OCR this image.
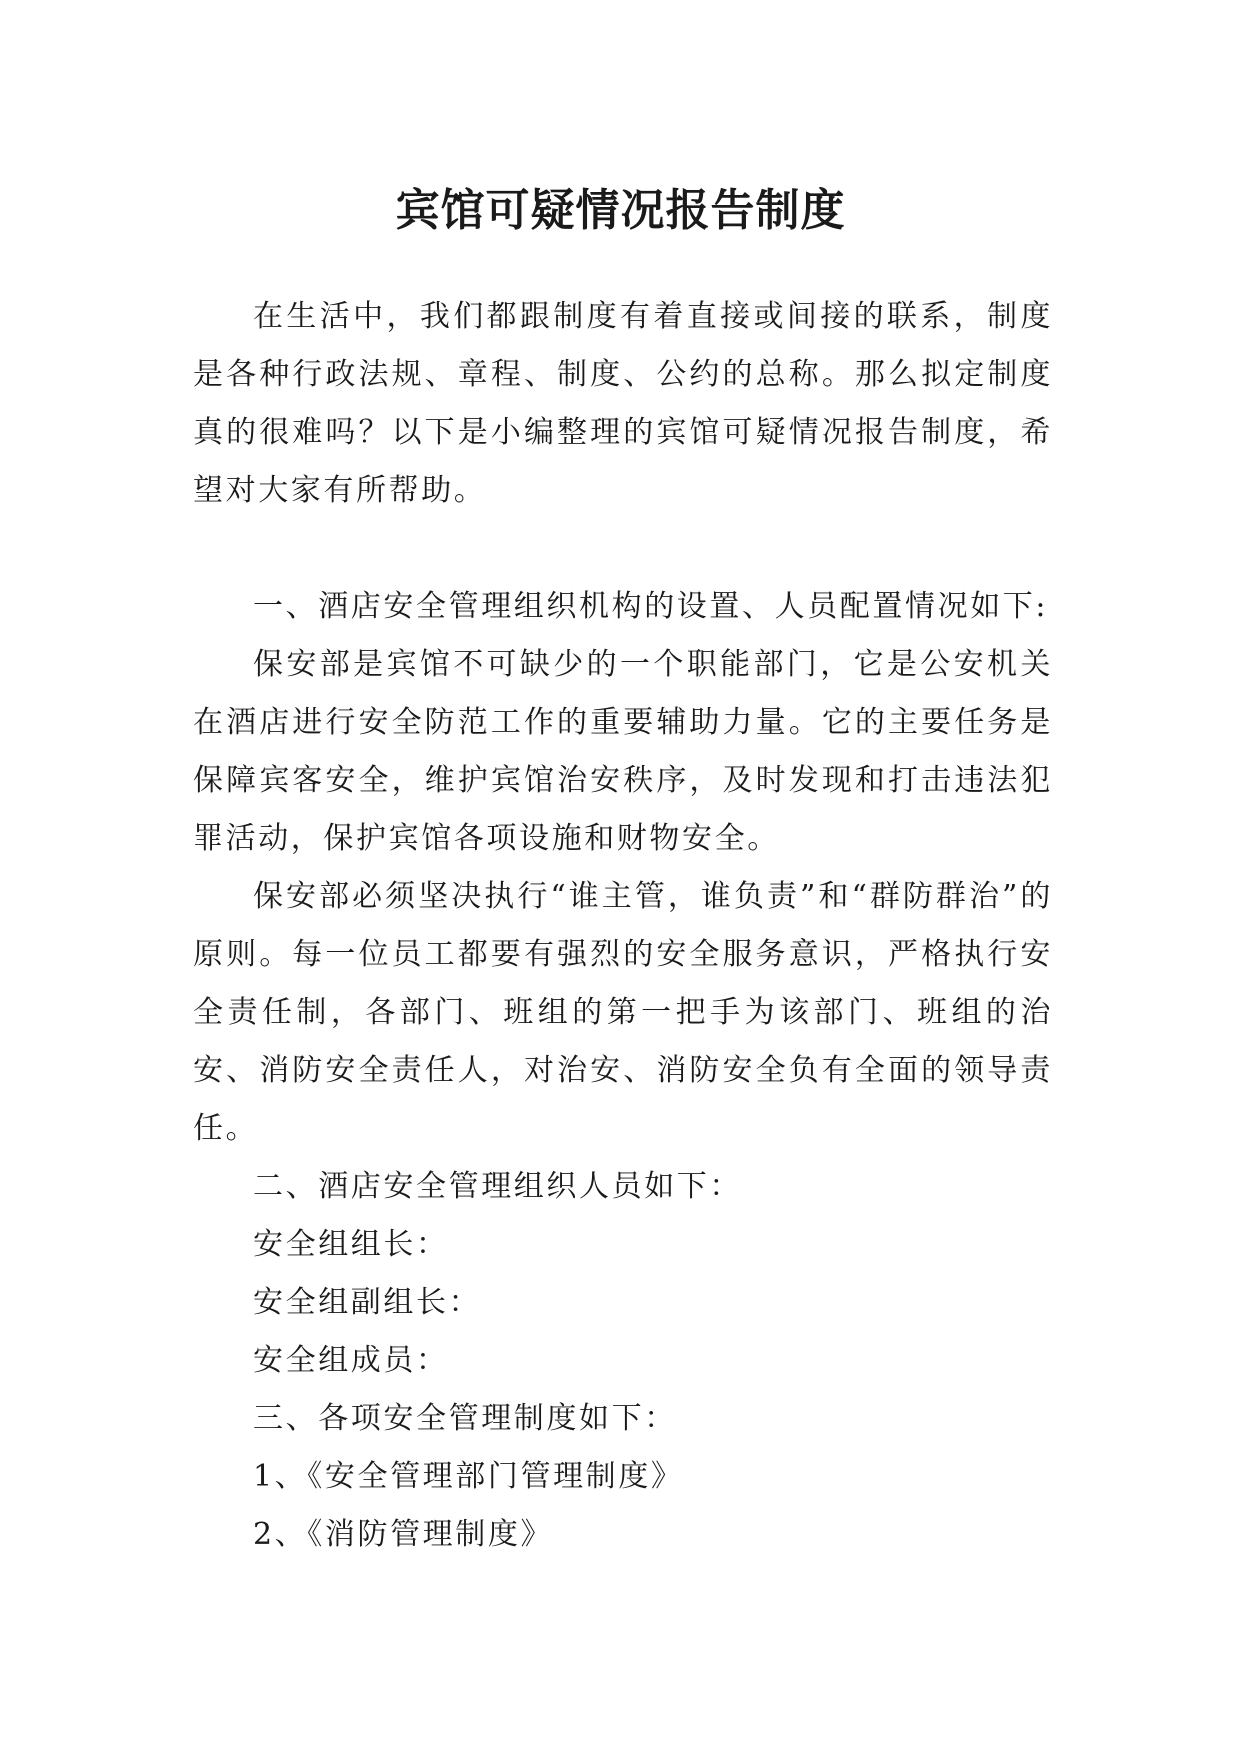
宾馆可疑情况报告制度

在生活中，我们都跟制度有着直接或间接的联系，制度是各种行政法规、章程、制度、公约的总称。那么拟定制度真的很难吗？以下是小编整理的宾馆可疑情况报告制度，希望对大家有所帮助。

一、酒店安全管理组织机构的设置、人员配置情况如下:

保安部是宾馆不可缺少的一个职能部门，它是公安机关在酒店进行安全防范工作的重要辅助力量。它的主要任务是保障宾客安全，维护宾馆治安秩序，及时发现和打击违法犯罪活动，保护宾馆各项设施和财物安全。

保安部必须坚决执行“谁主管，谁负责”和“群防群治”的原则。每一位员工都要有强烈的安全服务意识，严格执行安全责任制，各部门、班组的第一把手为该部门、班组的治安、消防安全责任人，对治安、消防安全负有全面的领导责任。

二、酒店安全管理组织人员如下：

安全组组长：

安全组副组长：

安全组成员：

三、各项安全管理制度如下：

1、《安全管理部门管理制度》

2、《消防管理制度》
